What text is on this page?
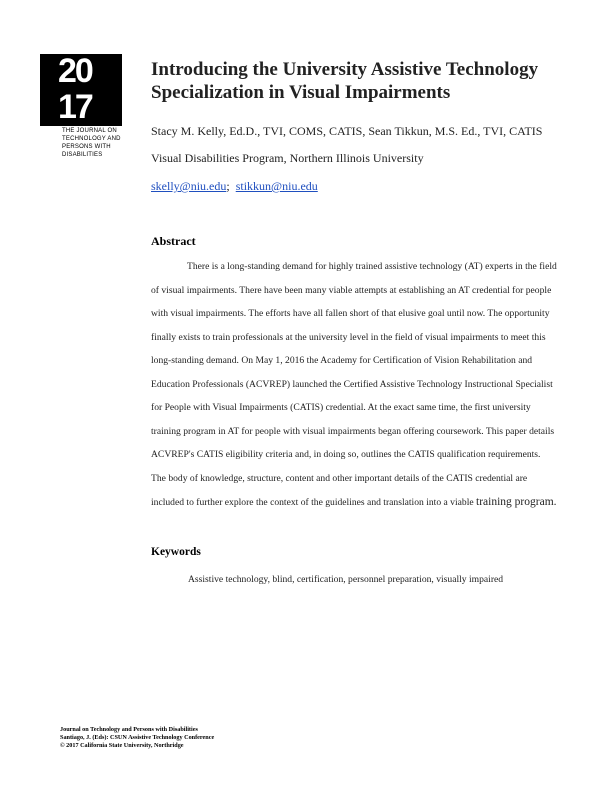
20
17
THE JOURNAL ON
TECHNOLOGY AND
PERSONS WITH
DISABILITIES
Introducing the University Assistive Technology
Specialization in Visual Impairments
Stacy M. Kelly, Ed.D., TVI, COMS, CATIS, Sean Tikkun, M.S. Ed., TVI, CATIS
Visual Disabilities Program, Northern Illinois University
skelly@niu.edu; stikkun@niu.edu
Abstract
There is a long-standing demand for highly trained assistive technology (AT) experts in the field
of visual impairments. There have been many viable attempts at establishing an AT credential for people
with visual impairments. The efforts have all fallen short of that elusive goal until now. The opportunity
finally exists to train professionals at the university level in the field of visual impairments to meet this
long-standing demand. On May 1, 2016 the Academy for Certification of Vision Rehabilitation and
Education Professionals (ACVREP) launched the Certified Assistive Technology Instructional Specialist
for People with Visual Impairments (CATIS) credential. At the exact same time, the first university
training program in AT for people with visual impairments began offering coursework. This paper details
ACVREP's CATIS eligibility criteria and, in doing so, outlines the CATIS qualification requirements.
The body of knowledge, structure, content and other important details of the CATIS credential are
included to further explore the context of the guidelines and translation into a viable training program.
Keywords
Assistive technology, blind, certification, personnel preparation, visually impaired
Journal on Technology and Persons with Disabilities
Santiago, J. (Eds): CSUN Assistive Technology Conference
© 2017 California State University, Northridge
